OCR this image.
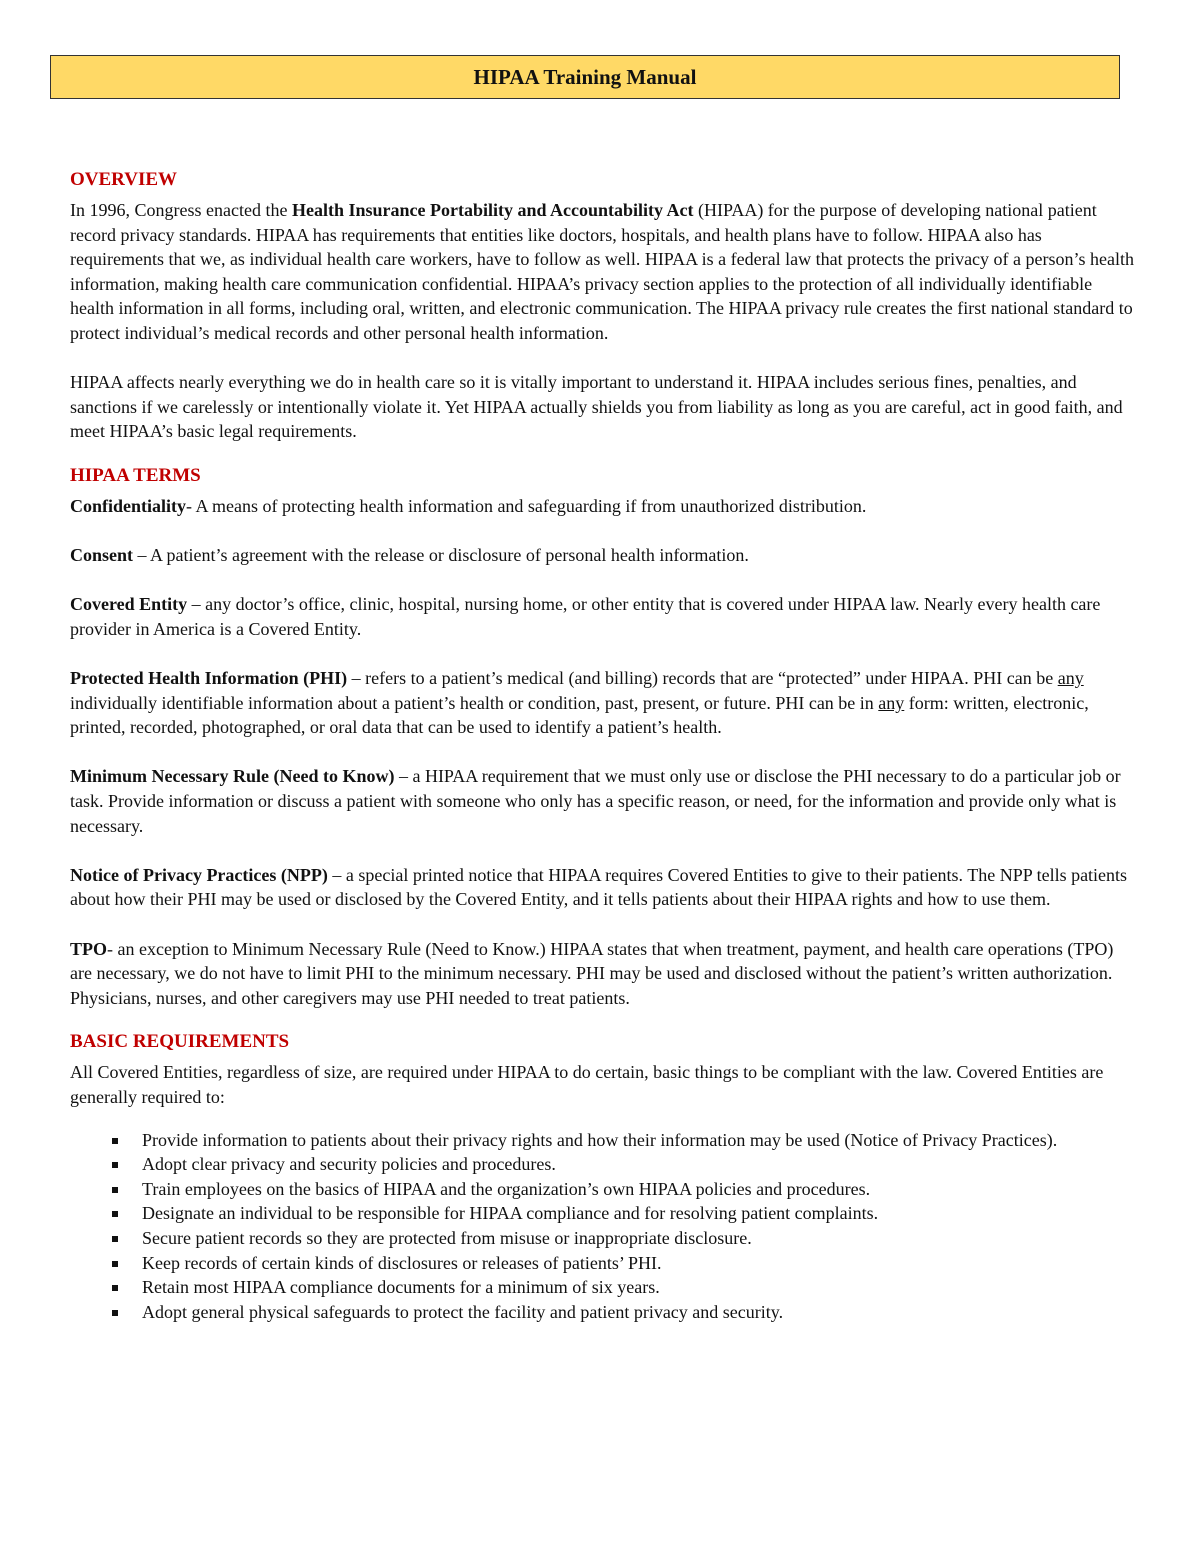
HIPAA Training Manual
OVERVIEW

In 1996, Congress enacted the Health Insurance Portability and Accountability Act (HIPAA) for the purpose of developing national patient record privacy standards. HIPAA has requirements that entities like doctors, hospitals, and health plans have to follow. HIPAA also has requirements that we, as individual health care workers, have to follow as well. HIPAA is a federal law that protects the privacy of a person’s health information, making health care communication confidential. HIPAA’s privacy section applies to the protection of all individually identifiable health information in all forms, including oral, written, and electronic communication. The HIPAA privacy rule creates the first national standard to protect individual’s medical records and other personal health information.

HIPAA affects nearly everything we do in health care so it is vitally important to understand it. HIPAA includes serious fines, penalties, and sanctions if we carelessly or intentionally violate it. Yet HIPAA actually shields you from liability as long as you are careful, act in good faith, and meet HIPAA’s basic legal requirements.

HIPAA TERMS

Confidentiality- A means of protecting health information and safeguarding if from unauthorized distribution.

Consent – A patient’s agreement with the release or disclosure of personal health information.

Covered Entity – any doctor’s office, clinic, hospital, nursing home, or other entity that is covered under HIPAA law. Nearly every health care provider in America is a Covered Entity.

Protected Health Information (PHI) – refers to a patient’s medical (and billing) records that are “protected” under HIPAA. PHI can be any individually identifiable information about a patient’s health or condition, past, present, or future. PHI can be in any form: written, electronic, printed, recorded, photographed, or oral data that can be used to identify a patient’s health.

Minimum Necessary Rule (Need to Know) – a HIPAA requirement that we must only use or disclose the PHI necessary to do a particular job or task. Provide information or discuss a patient with someone who only has a specific reason, or need, for the information and provide only what is necessary.

Notice of Privacy Practices (NPP) – a special printed notice that HIPAA requires Covered Entities to give to their patients. The NPP tells patients about how their PHI may be used or disclosed by the Covered Entity, and it tells patients about their HIPAA rights and how to use them.

TPO- an exception to Minimum Necessary Rule (Need to Know.) HIPAA states that when treatment, payment, and health care operations (TPO) are necessary, we do not have to limit PHI to the minimum necessary. PHI may be used and disclosed without the patient’s written authorization. Physicians, nurses, and other caregivers may use PHI needed to treat patients.

BASIC REQUIREMENTS

All Covered Entities, regardless of size, are required under HIPAA to do certain, basic things to be compliant with the law. Covered Entities are generally required to:

Provide information to patients about their privacy rights and how their information may be used (Notice of Privacy Practices).
Adopt clear privacy and security policies and procedures.
Train employees on the basics of HIPAA and the organization’s own HIPAA policies and procedures.
Designate an individual to be responsible for HIPAA compliance and for resolving patient complaints.
Secure patient records so they are protected from misuse or inappropriate disclosure.
Keep records of certain kinds of disclosures or releases of patients’ PHI.
Retain most HIPAA compliance documents for a minimum of six years.
Adopt general physical safeguards to protect the facility and patient privacy and security.
